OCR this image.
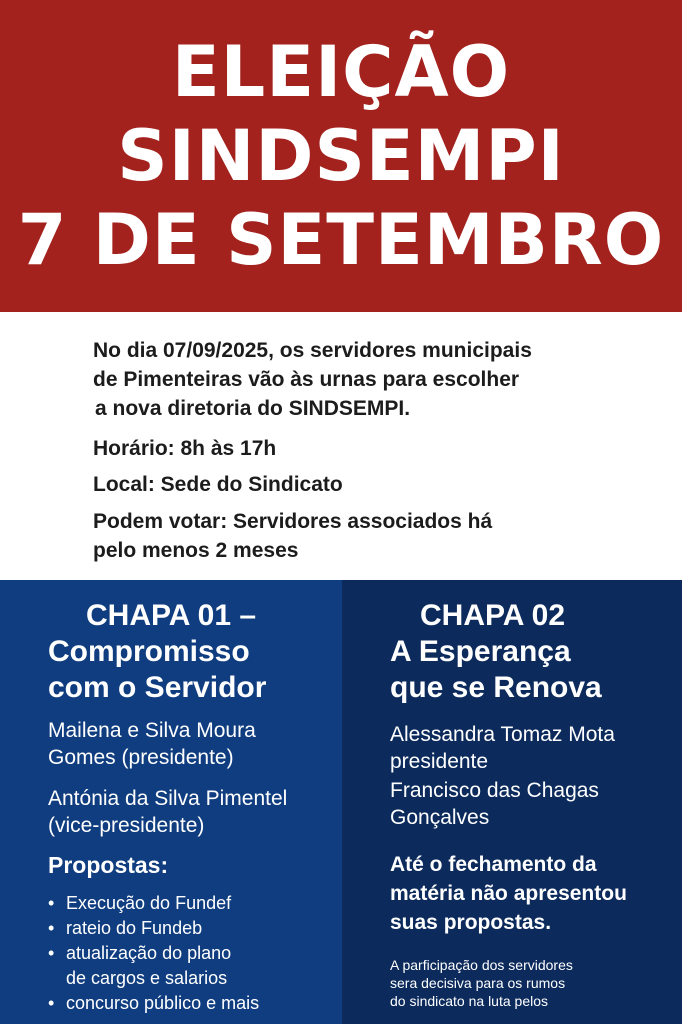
ELEIÇÃO
SINDSEMPI
7 DE SETEMBRO
No dia 07/09/2025, os servidores municipais
de Pimenteiras vão às urnas para escolher
a nova diretoria do SINDSEMPI.
Horário: 8h às 17h
Local: Sede do Sindicato
Podem votar: Servidores associados há
pelo menos 2 meses
CHAPA 01 –
Compromisso
com o Servidor
Mailena e Silva Moura
Gomes (presidente)
Antónia da Silva Pimentel
(vice-presidente)
Propostas:
• Execução do Fundef
• rateio do Fundeb
• atualização do plano
de cargos e salarios
• concurso público e mais
CHAPA 02
A Esperança
que se Renova
Alessandra Tomaz Mota
presidente
Francisco das Chagas
Gonçalves
Até o fechamento da
matéria não apresentou
suas propostas.
A parficipação dos servidores
sera decisiva para os rumos
do sindicato na luta pelos
